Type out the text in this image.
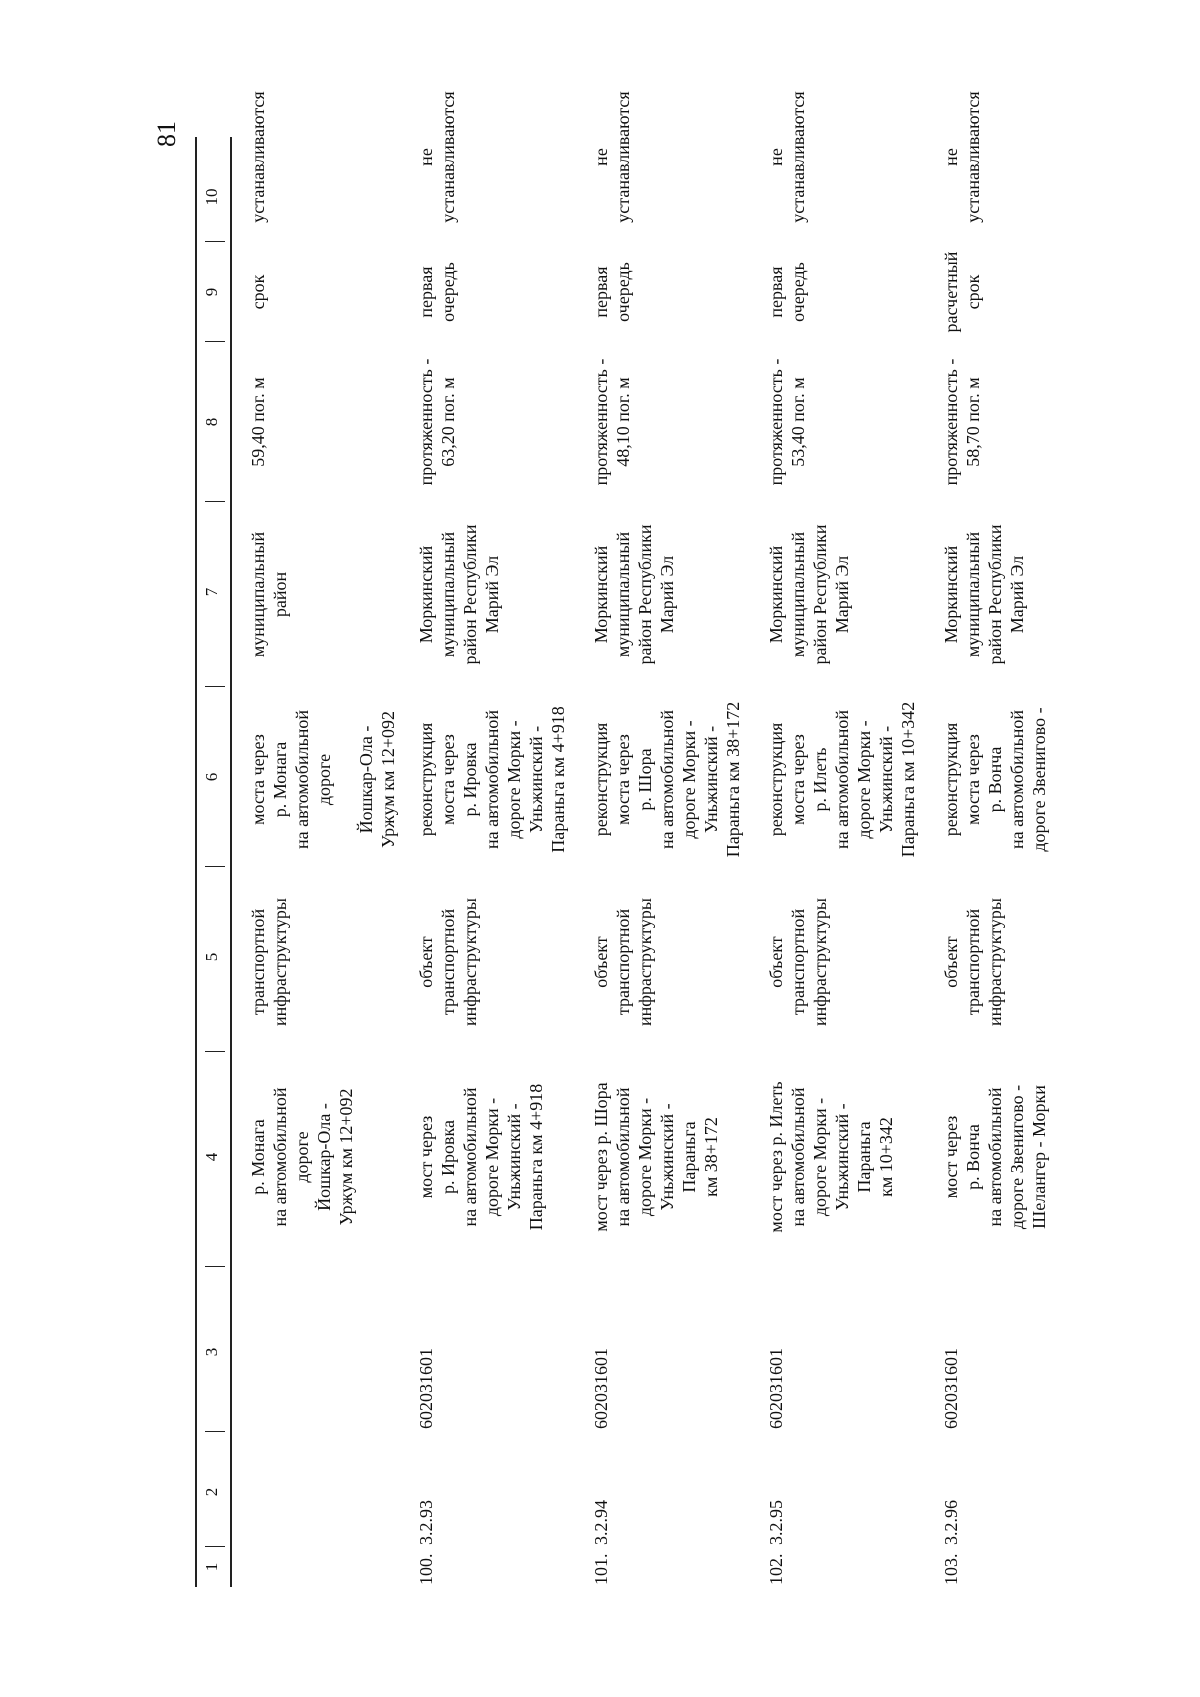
81
1
2
3
4
5
6
7
8
9
10
р. Монага
на автомобильной
дороге
Йошкар-Ола -
Уржум км 12+092
транспортной
инфраструктуры
моста через
р. Монага
на автомобильной
дороге Йошкар-Ола -
Уржум км 12+092
муниципальный
район
59,40 пог. м
срок
устанавливаются
100.
3.2.93
602031601
мост через
р. Ировка
на автомобильной
дороге Морки -
Уньжинский -
Параньга км 4+918
объект
транспортной
инфраструктуры
реконструкция
моста через
р. Ировка
на автомобильной
дороге Морки -
Уньжинский -
Параньга км 4+918
Моркинский
муниципальный
район Республики
Марий Эл
протяженность -
63,20 пог. м
первая
очередь
не
устанавливаются
101.
3.2.94
602031601
мост через р. Шора
на автомобильной
дороге Морки -
Уньжинский -
Параньга
км 38+172
объект
транспортной
инфраструктуры
реконструкция
моста через
р. Шора
на автомобильной
дороге Морки -
Уньжинский -
Параньга км 38+172
Моркинский
муниципальный
район Республики
Марий Эл
протяженность -
48,10 пог. м
первая
очередь
не
устанавливаются
102.
3.2.95
602031601
мост через р. Илеть
на автомобильной
дороге Морки -
Уньжинский -
Параньга
км 10+342
объект
транспортной
инфраструктуры
реконструкция
моста через
р. Илеть
на автомобильной
дороге Морки -
Уньжинский -
Параньга км 10+342
Моркинский
муниципальный
район Республики
Марий Эл
протяженность -
53,40 пог. м
первая
очередь
не
устанавливаются
103.
3.2.96
602031601
мост через
р. Вонча
на автомобильной
дороге Звенигово -
Шелангер - Морки
объект
транспортной
инфраструктуры
реконструкция
моста через
р. Вонча
на автомобильной
дороге Звенигово -
Моркинский
муниципальный
район Республики
Марий Эл
протяженность -
58,70 пог. м
расчетный
срок
не
устанавливаются
